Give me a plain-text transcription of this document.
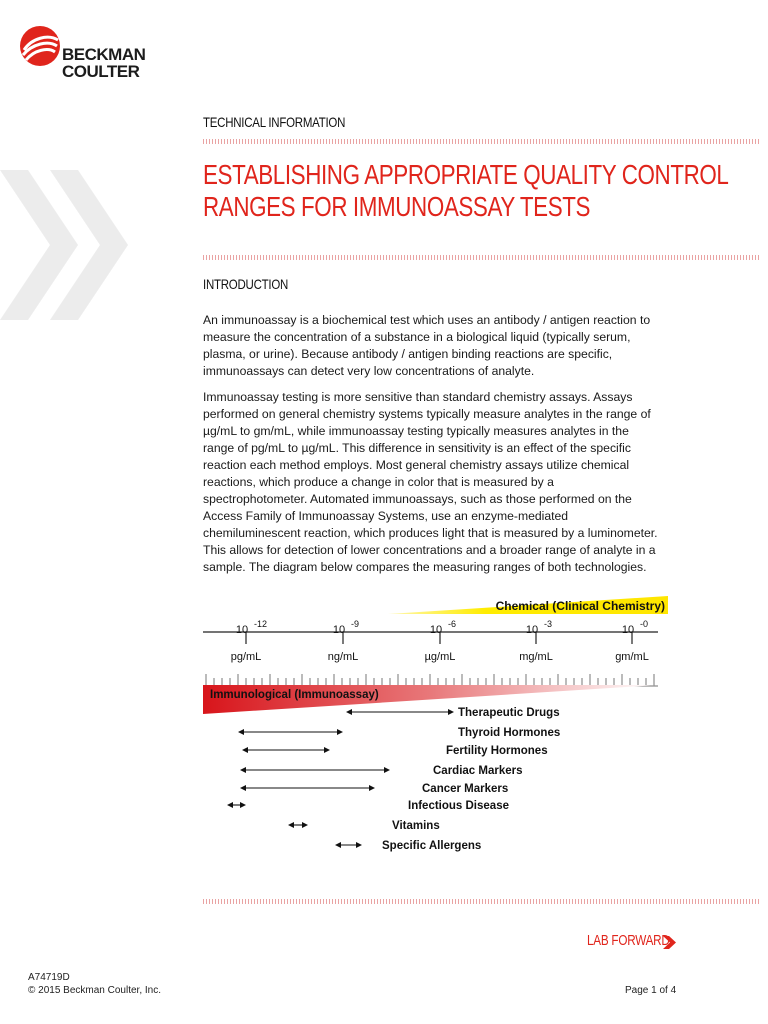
BECKMAN
COULTER
TECHNICAL INFORMATION
ESTABLISHING APPROPRIATE QUALITY CONTROL
RANGES FOR IMMUNOASSAY TESTS
INTRODUCTION
An immunoassay is a biochemical test which uses an antibody / antigen reaction to
measure the concentration of a substance in a biological liquid (typically serum,
plasma, or urine). Because antibody / antigen binding reactions are specific,
immunoassays can detect very low concentrations of analyte.
Immunoassay testing is more sensitive than standard chemistry assays. Assays
performed on general chemistry systems typically measure analytes in the range of
µg/mL to gm/mL, while immunoassay testing typically measures analytes in the
range of pg/mL to µg/mL. This difference in sensitivity is an effect of the specific
reaction each method employs. Most general chemistry assays utilize chemical
reactions, which produce a change in color that is measured by a
spectrophotometer. Automated immunoassays, such as those performed on the
Access Family of Immunoassay Systems, use an enzyme-mediated
chemiluminescent reaction, which produces light that is measured by a luminometer.
This allows for detection of lower concentrations and a broader range of analyte in a
sample. The diagram below compares the measuring ranges of both technologies.
Chemical (Clinical Chemistry)
10 -12
pg/mL
10 -9
ng/mL
10 -6
µg/mL
10 -3
mg/mL
10 -0
gm/mL
Immunological (Immunoassay)
Therapeutic Drugs
Thyroid Hormones
Fertility Hormones
Cardiac Markers
Cancer Markers
Infectious Disease
Vitamins
Specific Allergens
LAB FORWARD
A74719D
© 2015 Beckman Coulter, Inc.	Page 1 of 4
